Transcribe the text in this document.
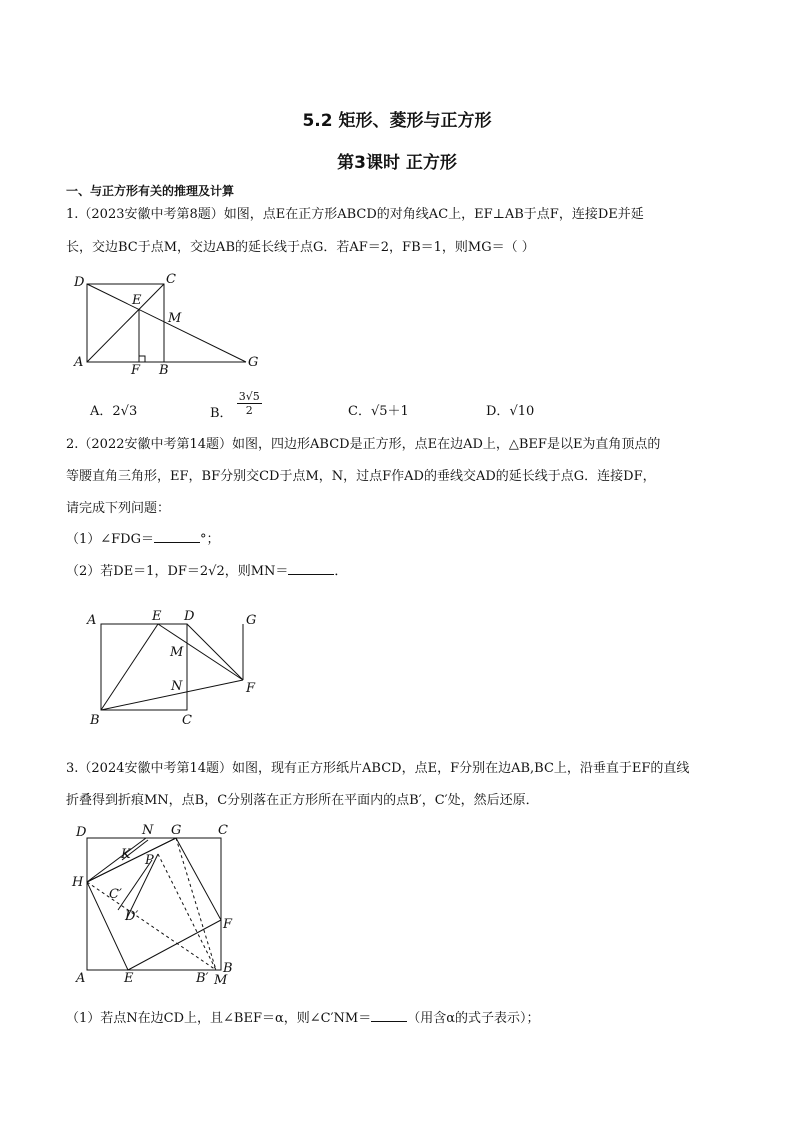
5.2 矩形、菱形与正方形
第3课时 正方形
一、与正方形有关的推理及计算
1.（2023安徽中考第8题）如图，点E在正方形ABCD的对角线AC上，EF⊥AB于点F，连接DE并延
长，交边BC于点M，交边AB的延长线于点G．若AF＝2，FB＝1，则MG＝（ ）
D	C
E
M
A
F B
G
A．2√3	B． $\frac{3√5}{2}$	C．√5＋1	D．√10
2.（2022安徽中考第14题）如图，四边形ABCD是正方形，点E在边AD上，△BEF是以E为直角顶点的
等腰直角三角形，EF，BF分别交CD于点M，N，过点F作AD的垂线交AD的延长线于点G．连接DF，
请完成下列问题：
（1）∠FDG＝	°；
（2）若DE＝1，DF＝2√2，则MN＝	．
A	E D	G
M
N	F
B	C
3.（2024安徽中考第14题）如图，现有正方形纸片ABCD，点E，F分别在边AB,BC上，沿垂直于EF的直线
折叠得到折痕MN，点B，C分别落在正方形所在平面内的点B′，C′处，然后还原．
D	N G	C
K P
H
C′
D′
F
A	E	B′
B
M
（1）若点N在边CD上，且∠BEF＝α，则∠C′NM＝	（用含α的式子表示）；
